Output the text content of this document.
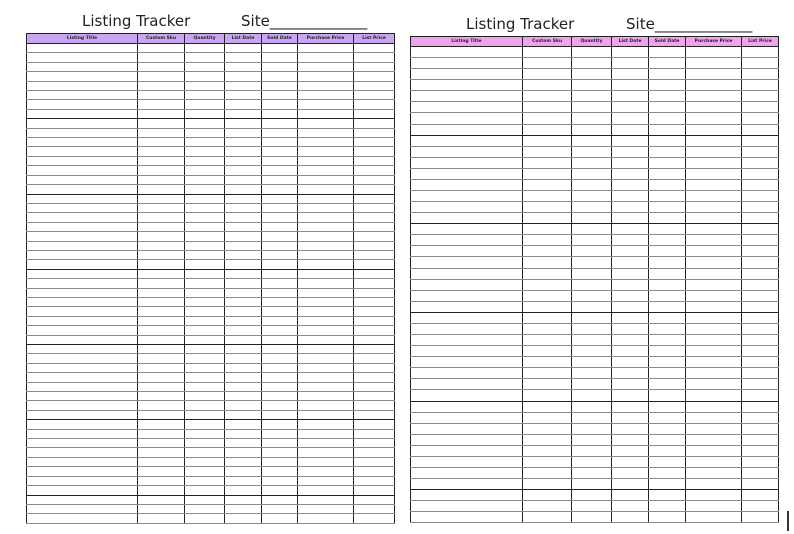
Listing Tracker	Site_____________
Listing Title	Custom Sku	Quantity	List Date	Sold Date	Purchase Price	List Price

Listing Tracker	Site_____________
Listing Title	Custom Sku	Quantity	List Date	Sold Date	Purchase Price	List Price
